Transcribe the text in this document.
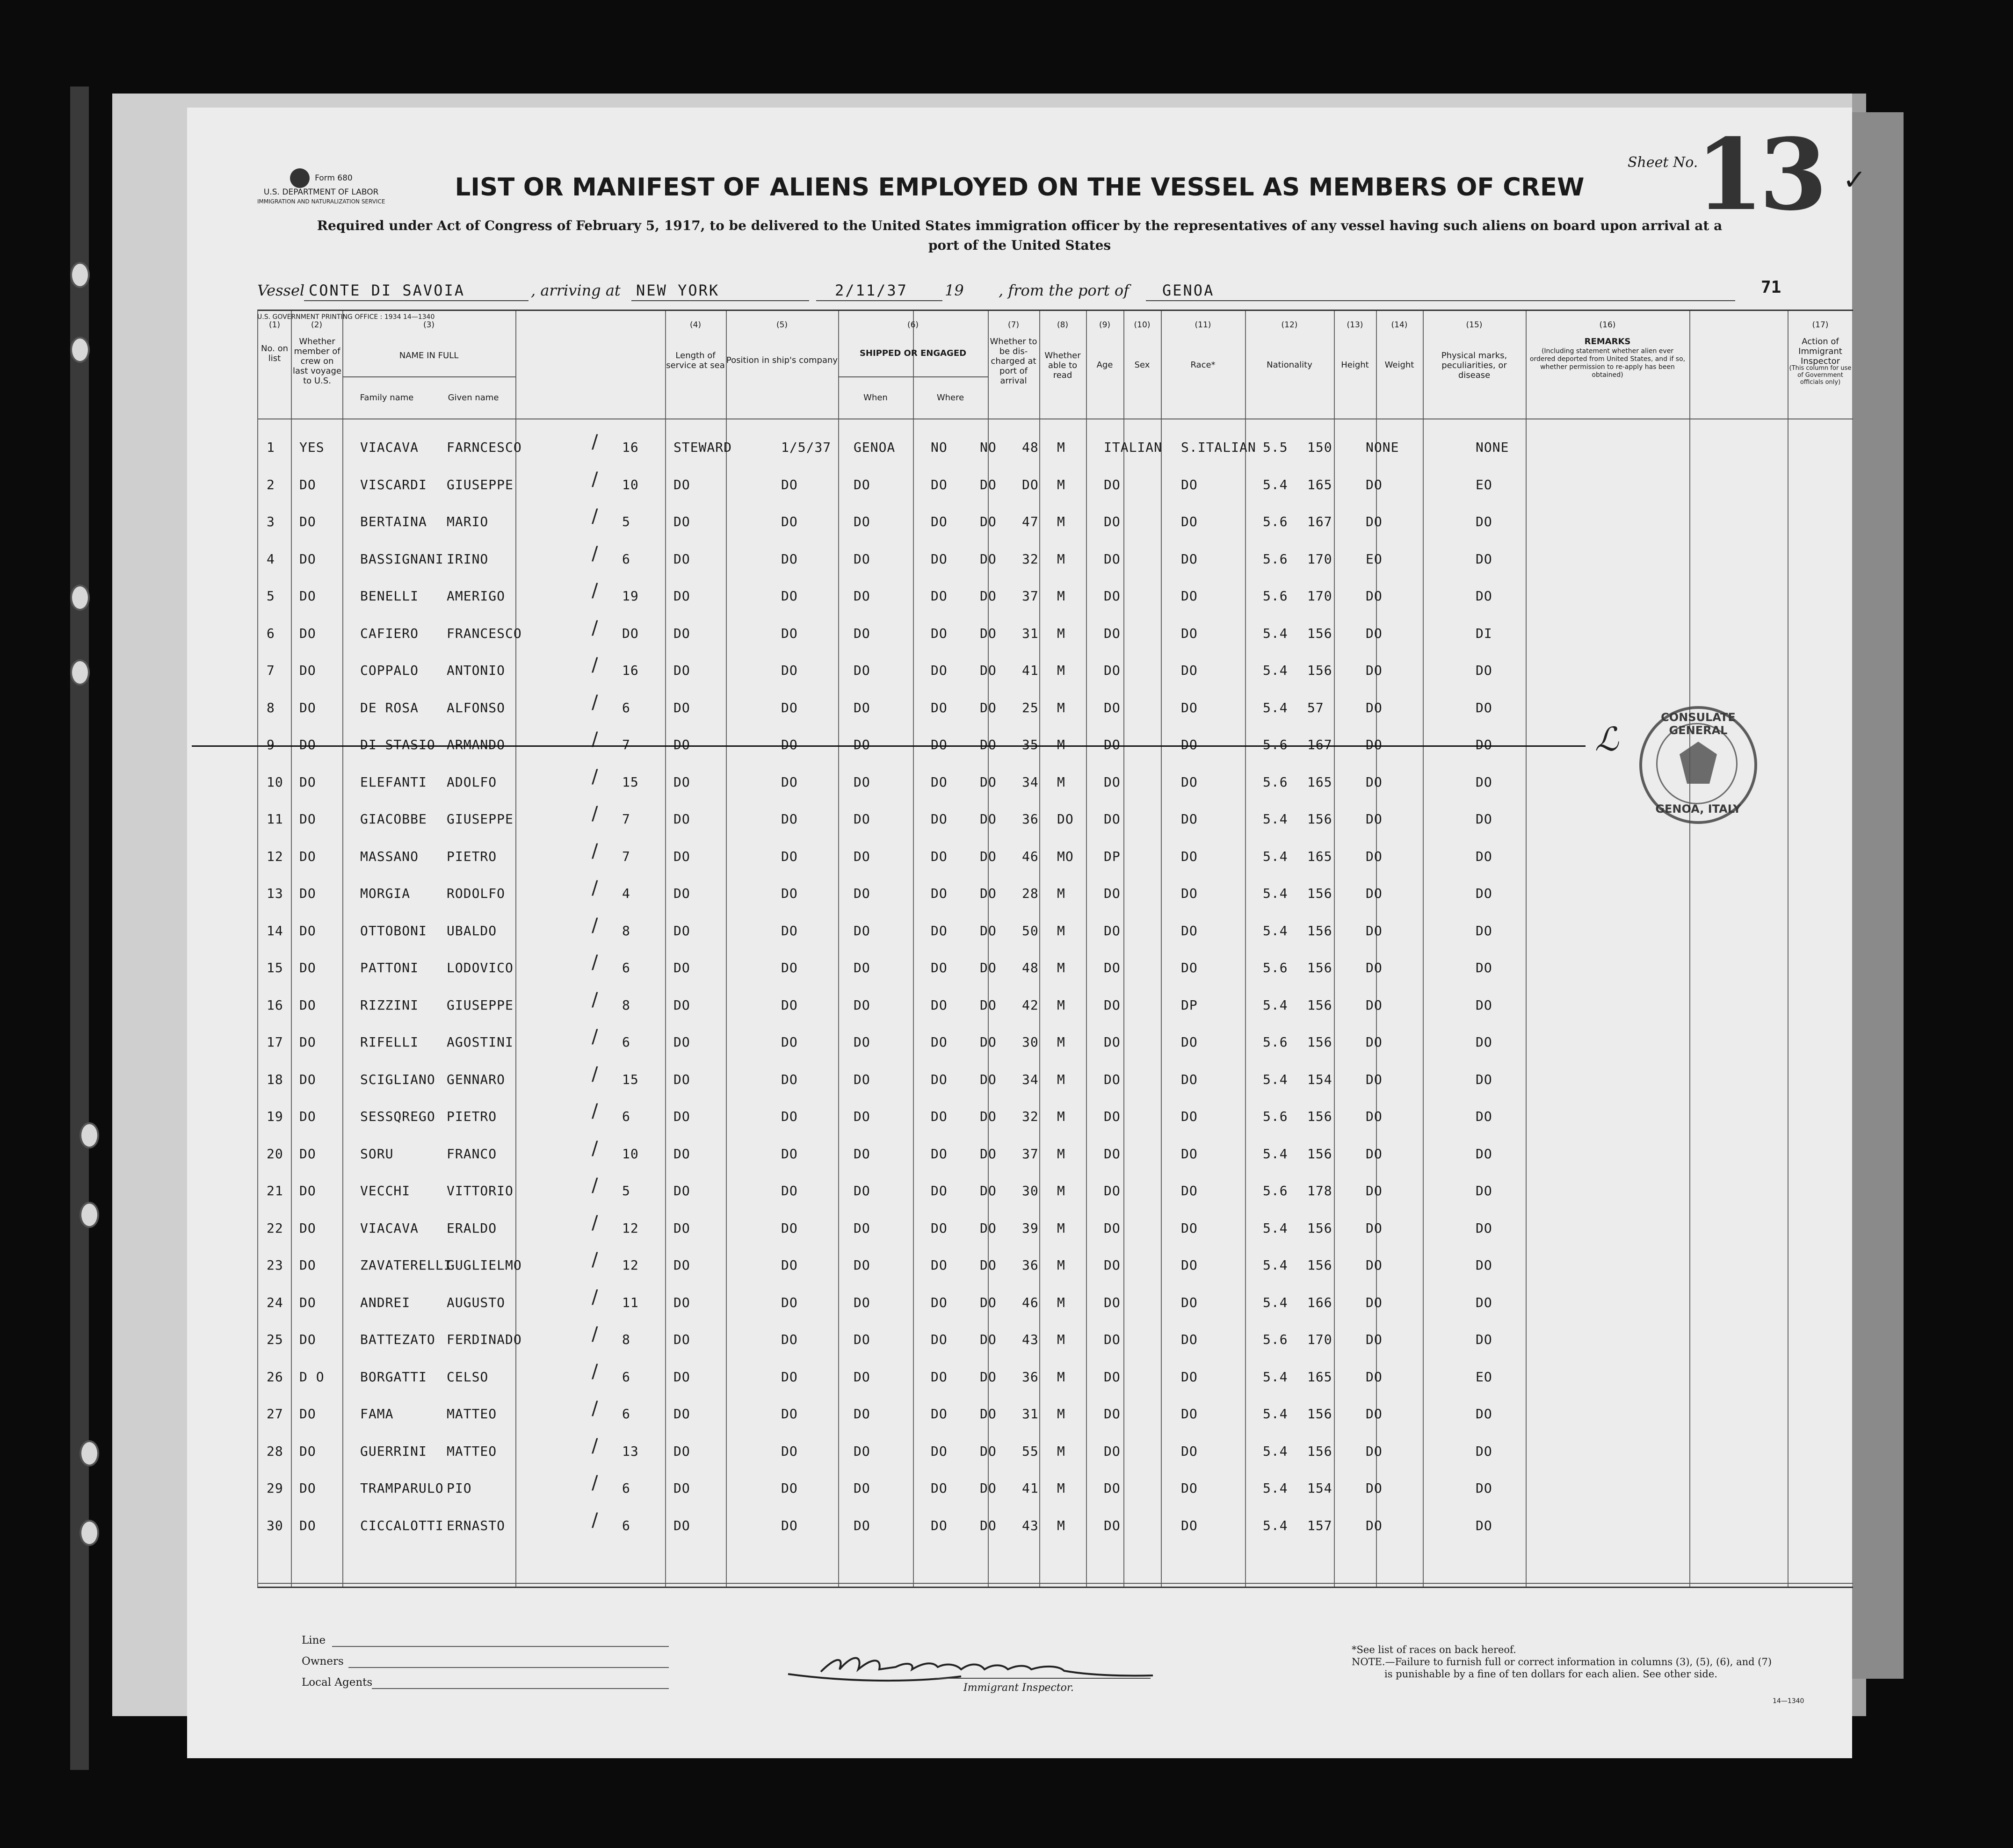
Form 680
U.S. DEPARTMENT OF LABOR
IMMIGRATION AND NATURALIZATION SERVICE
Sheet No.
13 ✓
LIST OR MANIFEST OF ALIENS EMPLOYED ON THE VESSEL AS MEMBERS OF CREW
Required under Act of Congress of February 5, 1917, to be delivered to the United States immigration officer by the representatives of any vessel having such aliens on board upon arrival at a
port of the United States
Vessel CONTE DI SAVOIA	, arriving at NEW YORK	2/11/37 19 , from the port of GENOA	71
(1)	(2)	(3)	(4)	(5)	(6)	(7)	(8)	(9)	(10)	(11)	(12)	(13)	(14)	(15)	(16)	(17)
No. on list
Whether member of crew on last voyage to U.S.
NAME IN FULL
Family name	Given name
Length of service at sea
Position in ship's company
SHIPPED OR ENGAGED
When	Where
Whether to be dis-charged at port of arrival
Whether able to read
Age	Sex	Race*	Nationality	Height	Weight
Physical marks, peculiarities, or disease
REMARKS
(Including statement whether alien ever ordered deported from United States, and if so, whether permission to re-apply has been obtained)
Action of Immigrant Inspector
(This column for use of Government officials only)
U.S. GOVERNMENT PRINTING OFFICE : 1934 14—1340
1 YES	VIACAVA FARNCESCO	16	STEWARD	1/5/37 GENOA	NO NO 48 M	ITALIAN S.ITALIAN 5.5 150	NONE	NONE
/
2 DO	VISCARDI GIUSEPPE	10	DO	DO	DO	DO DO DO M	DO	DO	5.4 165	DO	EO
/
3 DO	BERTAINA MARIO	5	DO	DO	DO	DO DO 47 M	DO	DO	5.6 167	DO	DO
/
4 DO	BASSIGNANI IRINO	6	DO	DO	DO	DO DO 32 M	DO	DO	5.6 170	EO	DO
/
5 DO	BENELLI AMERIGO	19	DO	DO	DO	DO DO 37 M	DO	DO	5.6 170	DO	DO
/
6 DO	CAFIERO FRANCESCO	DO	DO	DO	DO	DO DO 31 M	DO	DO	5.4 156	DO	DI
/
7 DO	COPPALO ANTONIO	16	DO	DO	DO	DO DO 41 M	DO	DO	5.4 156	DO	DO
/
8 DO	DE ROSA ALFONSO	6	DO	DO	DO	DO DO 25 M	DO	DO	5.4 57	DO	DO
/
9 DO	DI STASIO ARMANDO	7	DO	DO	DO	DO DO 35 M	DO	DO	5.6 167	DO	DO
/
10 DO	ELEFANTI ADOLFO	15	DO	DO	DO	DO DO 34 M	DO	DO	5.6 165	DO	DO
/
11 DO	GIACOBBE GIUSEPPE	7	DO	DO	DO	DO DO 36 DO DO	DO	5.4 156	DO	DO
/
12 DO	MASSANO PIETRO	7	DO	DO	DO	DO DO 46 MO DP	DO	5.4 165	DO	DO
/
13 DO	MORGIA	RODOLFO	4	DO	DO	DO	DO DO 28 M	DO	DO	5.4 156	DO	DO
/
14 DO	OTTOBONI UBALDO	8	DO	DO	DO	DO DO 50 M	DO	DO	5.4 156	DO	DO
/
15 DO	PATTONI LODOVICO	6	DO	DO	DO	DO DO 48 M	DO	DO	5.6 156	DO	DO
/
16 DO	RIZZINI GIUSEPPE	8	DO	DO	DO	DO DO 42 M	DO	DP	5.4 156	DO	DO
/
17 DO	RIFELLI AGOSTINI	6	DO	DO	DO	DO DO 30 M	DO	DO	5.6 156	DO	DO
/
18 DO	SCIGLIANO GENNARO	15	DO	DO	DO	DO DO 34 M	DO	DO	5.4 154	DO	DO
/
19 DO	SESSQREGO PIETRO	6	DO	DO	DO	DO DO 32 M	DO	DO	5.6 156	DO	DO
/
20 DO	SORU	FRANCO	10	DO	DO	DO	DO DO 37 M	DO	DO	5.4 156	DO	DO
/
21 DO	VECCHI	VITTORIO	5	DO	DO	DO	DO DO 30 M	DO	DO	5.6 178	DO	DO
/
22 DO	VIACAVA ERALDO	12	DO	DO	DO	DO DO 39 M	DO	DO	5.4 156	DO	DO
/
23 DO	ZAVATERELLI
GUGLIELMO	12	DO	DO	DO	DO DO 36 M	DO	DO	5.4 156	DO	DO
/
24 DO	ANDREI	AUGUSTO	11	DO	DO	DO	DO DO 46 M	DO	DO	5.4 166	DO	DO
/
25 DO	BATTEZATO FERDINADO	8	DO	DO	DO	DO DO 43 M	DO	DO	5.6 170	DO	DO
/
26 D O	BORGATTI CELSO	6	DO	DO	DO	DO DO 36 M	DO	DO	5.4 165	DO	EO
/
27 DO	FAMA	MATTEO	6	DO	DO	DO	DO DO 31 M	DO	DO	5.4 156	DO	DO
/
28 DO	GUERRINI MATTEO	13	DO	DO	DO	DO DO 55 M	DO	DO	5.4 156	DO	DO
/
29 DO	TRAMPARULO PIO	6	DO	DO	DO	DO DO 41 M	DO	DO	5.4 154	DO	DO
/
30 DO	CICCALOTTI ERNASTO	6	DO	DO	DO	DO DO 43 M	DO	DO	5.4 157	DO	DO
/
ℒ
CONSULATE GENERAL
GENOA, ITALY
Line
Owners
Local Agents	Immigrant Inspector.
*See list of races on back hereof.
NOTE.—Failure to furnish full or correct information in columns (3), (5), (6), and (7)
is punishable by a fine of ten dollars for each alien. See other side.
14—1340
